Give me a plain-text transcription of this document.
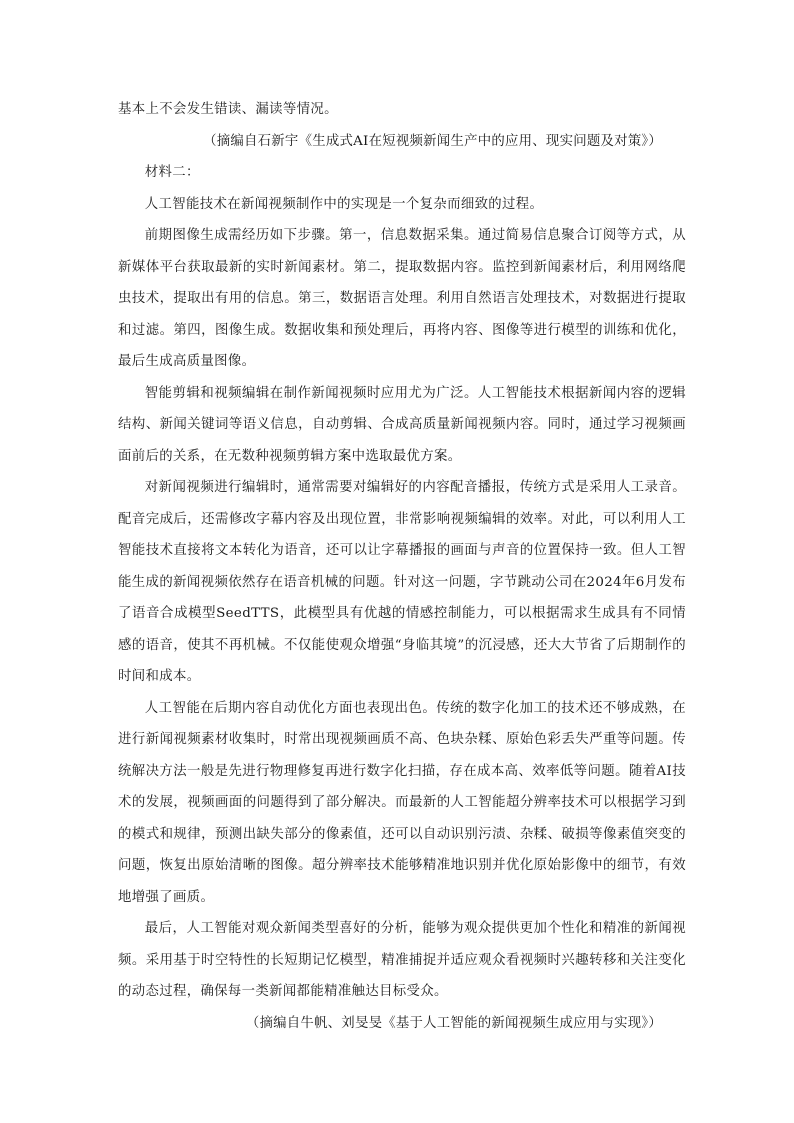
基本上不会发生错读、漏读等情况。

（摘编自石新宇《生成式AI在短视频新闻生产中的应用、现实问题及对策》）

材料二：

人工智能技术在新闻视频制作中的实现是一个复杂而细致的过程。

前期图像生成需经历如下步骤。第一，信息数据采集。通过简易信息聚合订阅等方式，从新媒体平台获取最新的实时新闻素材。第二，提取数据内容。监控到新闻素材后，利用网络爬虫技术，提取出有用的信息。第三，数据语言处理。利用自然语言处理技术，对数据进行提取和过滤。第四，图像生成。数据收集和预处理后，再将内容、图像等进行模型的训练和优化，最后生成高质量图像。

智能剪辑和视频编辑在制作新闻视频时应用尤为广泛。人工智能技术根据新闻内容的逻辑结构、新闻关键词等语义信息，自动剪辑、合成高质量新闻视频内容。同时，通过学习视频画面前后的关系，在无数种视频剪辑方案中选取最优方案。

对新闻视频进行编辑时，通常需要对编辑好的内容配音播报，传统方式是采用人工录音。配音完成后，还需修改字幕内容及出现位置，非常影响视频编辑的效率。对此，可以利用人工智能技术直接将文本转化为语音，还可以让字幕播报的画面与声音的位置保持一致。但人工智能生成的新闻视频依然存在语音机械的问题。针对这一问题，字节跳动公司在2024年6月发布了语音合成模型SeedTTS，此模型具有优越的情感控制能力，可以根据需求生成具有不同情感的语音，使其不再机械。不仅能使观众增强“身临其境”的沉浸感，还大大节省了后期制作的时间和成本。

人工智能在后期内容自动优化方面也表现出色。传统的数字化加工的技术还不够成熟，在进行新闻视频素材收集时，时常出现视频画质不高、色块杂糅、原始色彩丢失严重等问题。传统解决方法一般是先进行物理修复再进行数字化扫描，存在成本高、效率低等问题。随着AI技术的发展，视频画面的问题得到了部分解决。而最新的人工智能超分辨率技术可以根据学习到的模式和规律，预测出缺失部分的像素值，还可以自动识别污渍、杂糅、破损等像素值突变的问题，恢复出原始清晰的图像。超分辨率技术能够精准地识别并优化原始影像中的细节，有效地增强了画质。

最后，人工智能对观众新闻类型喜好的分析，能够为观众提供更加个性化和精准的新闻视频。采用基于时空特性的长短期记忆模型，精准捕捉并适应观众看视频时兴趣转移和关注变化的动态过程，确保每一类新闻都能精准触达目标受众。

（摘编自牛帆、刘旻旻《基于人工智能的新闻视频生成应用与实现》）
